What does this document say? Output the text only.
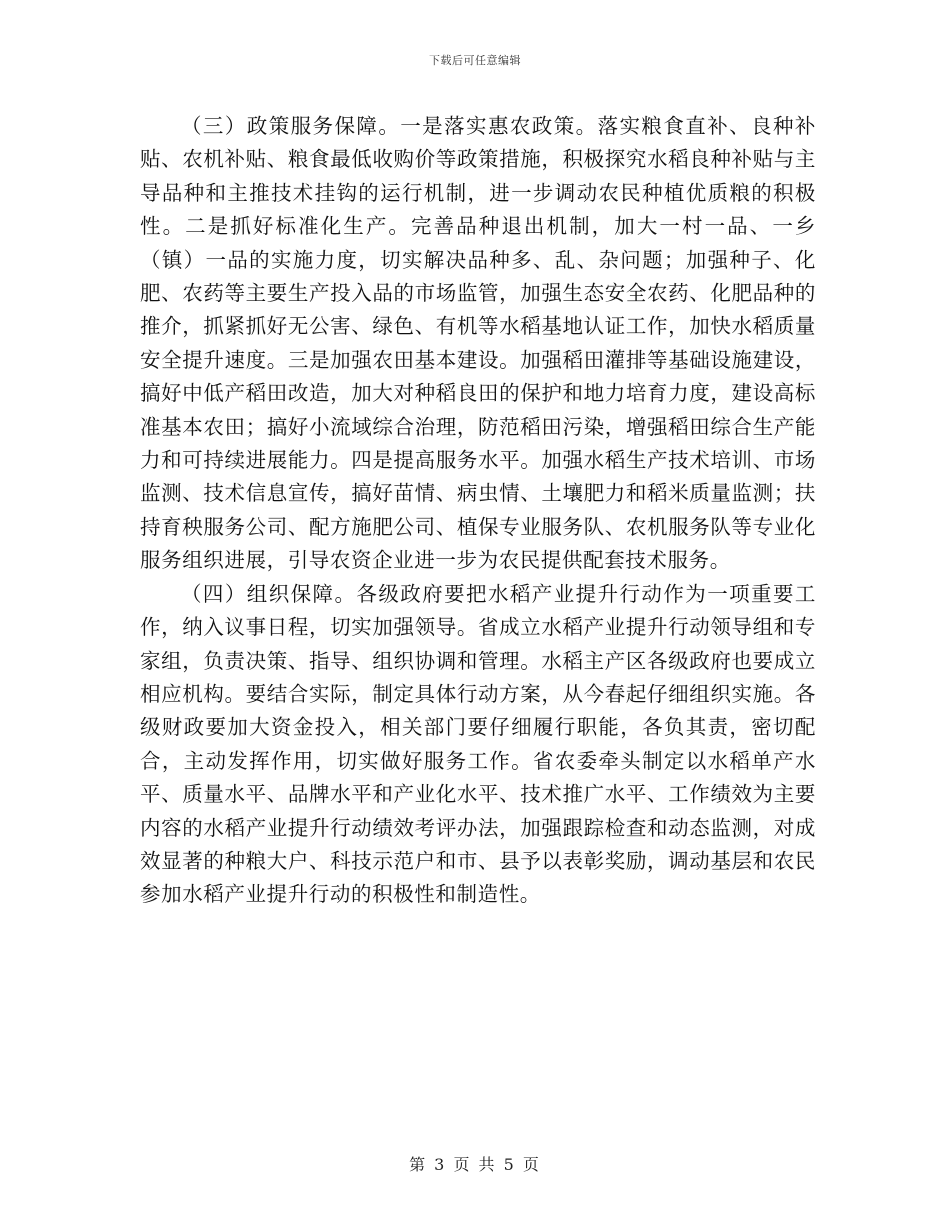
下载后可任意编辑

（三）政策服务保障。一是落实惠农政策。落实粮食直补、良种补贴、农机补贴、粮食最低收购价等政策措施，积极探究水稻良种补贴与主导品种和主推技术挂钩的运行机制，进一步调动农民种植优质粮的积极性。二是抓好标准化生产。完善品种退出机制，加大一村一品、一乡（镇）一品的实施力度，切实解决品种多、乱、杂问题；加强种子、化肥、农药等主要生产投入品的市场监管，加强生态安全农药、化肥品种的推介，抓紧抓好无公害、绿色、有机等水稻基地认证工作，加快水稻质量安全提升速度。三是加强农田基本建设。加强稻田灌排等基础设施建设，搞好中低产稻田改造，加大对种稻良田的保护和地力培育力度，建设高标准基本农田；搞好小流域综合治理，防范稻田污染，增强稻田综合生产能力和可持续进展能力。四是提高服务水平。加强水稻生产技术培训、市场监测、技术信息宣传，搞好苗情、病虫情、土壤肥力和稻米质量监测；扶持育秧服务公司、配方施肥公司、植保专业服务队、农机服务队等专业化服务组织进展，引导农资企业进一步为农民提供配套技术服务。

（四）组织保障。各级政府要把水稻产业提升行动作为一项重要工作，纳入议事日程，切实加强领导。省成立水稻产业提升行动领导组和专家组，负责决策、指导、组织协调和管理。水稻主产区各级政府也要成立相应机构。要结合实际，制定具体行动方案，从今春起仔细组织实施。各级财政要加大资金投入，相关部门要仔细履行职能，各负其责，密切配合，主动发挥作用，切实做好服务工作。省农委牵头制定以水稻单产水平、质量水平、品牌水平和产业化水平、技术推广水平、工作绩效为主要内容的水稻产业提升行动绩效考评办法，加强跟踪检查和动态监测，对成效显著的种粮大户、科技示范户和市、县予以表彰奖励，调动基层和农民参加水稻产业提升行动的积极性和制造性。

第 3 页 共 5 页
